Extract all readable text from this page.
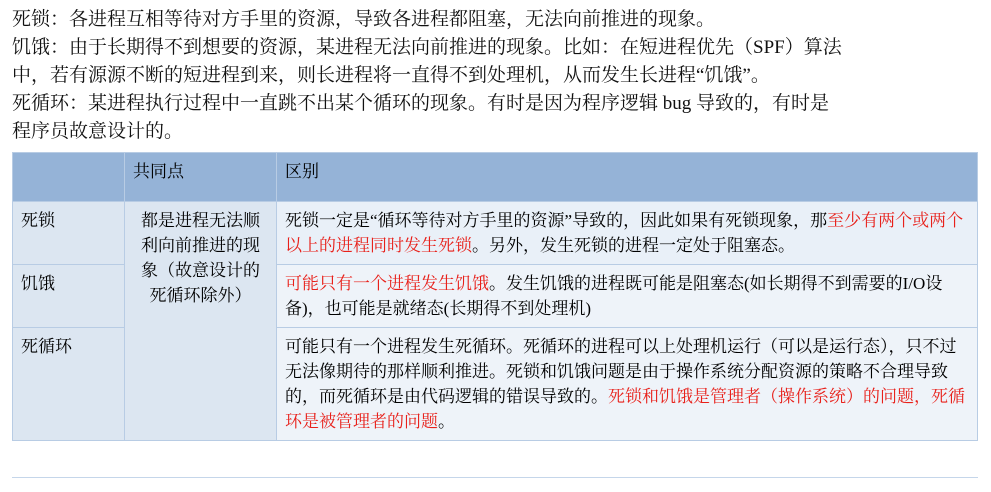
死锁：各进程互相等待对方手里的资源，导致各进程都阻塞，无法向前推进的现象。

饥饿：由于长期得不到想要的资源，某进程无法向前推进的现象。比如：在短进程优先（SPF）算法

中，若有源源不断的短进程到来，则长进程将一直得不到处理机，从而发生长进程“饥饿”。

死循环：某进程执行过程中一直跳不出某个循环的现象。有时是因为程序逻辑 bug 导致的，有时是

程序员故意设计的。

	共同点	区别
死锁	都是进程无法顺利向前推进的现象（故意设计的死循环除外）	死锁一定是“循环等待对方手里的资源”导致的，因此如果有死锁现象，那至少有两个或两个以上的进程同时发生死锁。另外，发生死锁的进程一定处于阻塞态。
饥饿		可能只有一个进程发生饥饿。发生饥饿的进程既可能是阻塞态(如长期得不到需要的I/O设备)，也可能是就绪态(长期得不到处理机)
死循环		可能只有一个进程发生死循环。死循环的进程可以上处理机运行（可以是运行态），只不过无法像期待的那样顺利推进。死锁和饥饿问题是由于操作系统分配资源的策略不合理导致的，而死循环是由代码逻辑的错误导致的。死锁和饥饿是管理者（操作系统）的问题，死循环是被管理者的问题。
